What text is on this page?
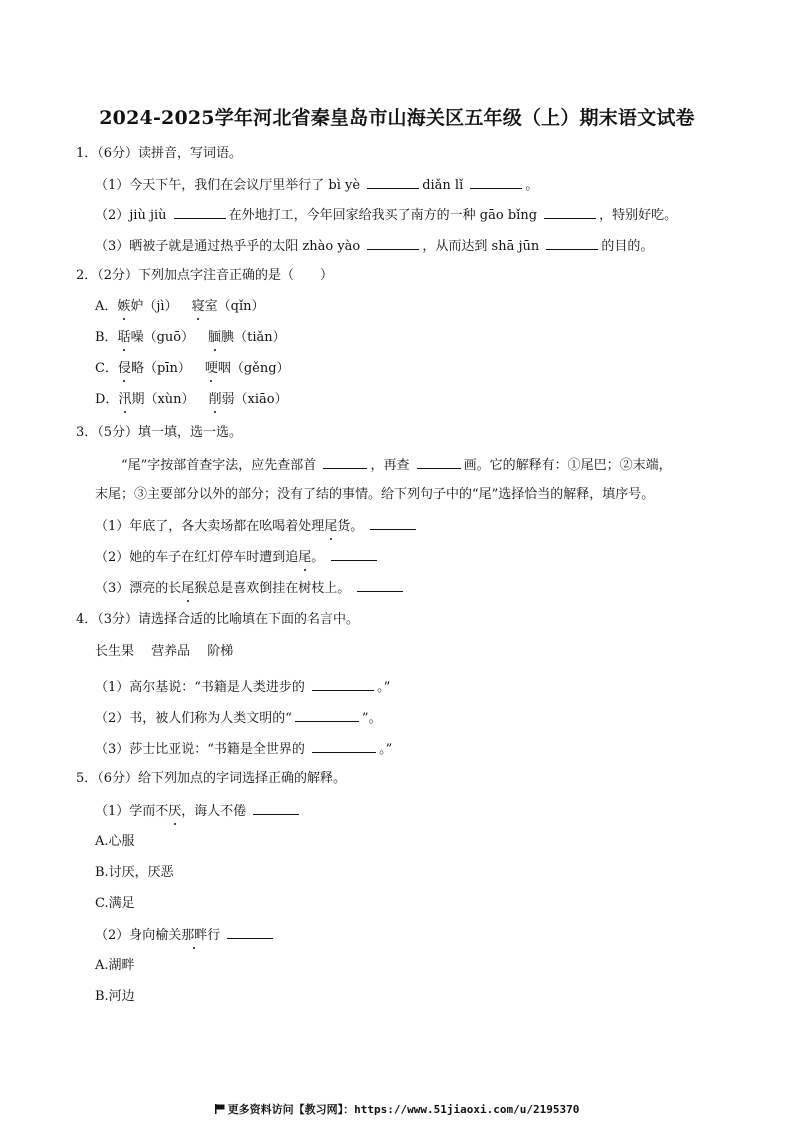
2024-2025学年河北省秦皇岛市山海关区五年级（上）期末语文试卷
1．（6分）读拼音，写词语。
（1）今天下午，我们在会议厅里举行了 bì yè	diǎn lǐ	。
（2）jiù jiù	在外地打工，今年回家给我买了南方的一种 gāo bǐng	，特别好吃。
（3）晒被子就是通过热乎乎的太阳 zhào yào	，从而达到 shā jūn	的目的。
2．（2分）下列加点字注音正确的是（　　）
A．嫉妒（jì） 寝室（qǐn）
B．聒噪（guō） 腼腆（tiǎn）
C．侵略（pīn） 哽咽（gěng）
D．汛期（xùn） 削弱（xiāo）
3．（5分）填一填，选一选。
“尾”字按部首查字法，应先查部首	，再查	画。它的解释有：①尾巴；②末端，
末尾；③主要部分以外的部分；没有了结的事情。给下列句子中的“尾”选择恰当的解释，填序号。
（1）年底了，各大卖场都在吆喝着处理尾货。
（2）她的车子在红灯停车时遭到追尾。
（3）漂亮的长尾猴总是喜欢倒挂在树枝上。
4．（3分）请选择合适的比喻填在下面的名言中。
长生果　 营养品　 阶梯
（1）高尔基说：“书籍是人类进步的	。”
（2）书，被人们称为人类文明的“	”。
（3）莎士比亚说：“书籍是全世界的	。”
5．（6分）给下列加点的字词选择正确的解释。
（1）学而不厌，诲人不倦
A.心服
B.讨厌，厌恶
C.满足
（2）身向榆关那畔行
A.湖畔
B.河边
更多资料访问【教习网】：https://www.51jiaoxi.com/u/2195370
